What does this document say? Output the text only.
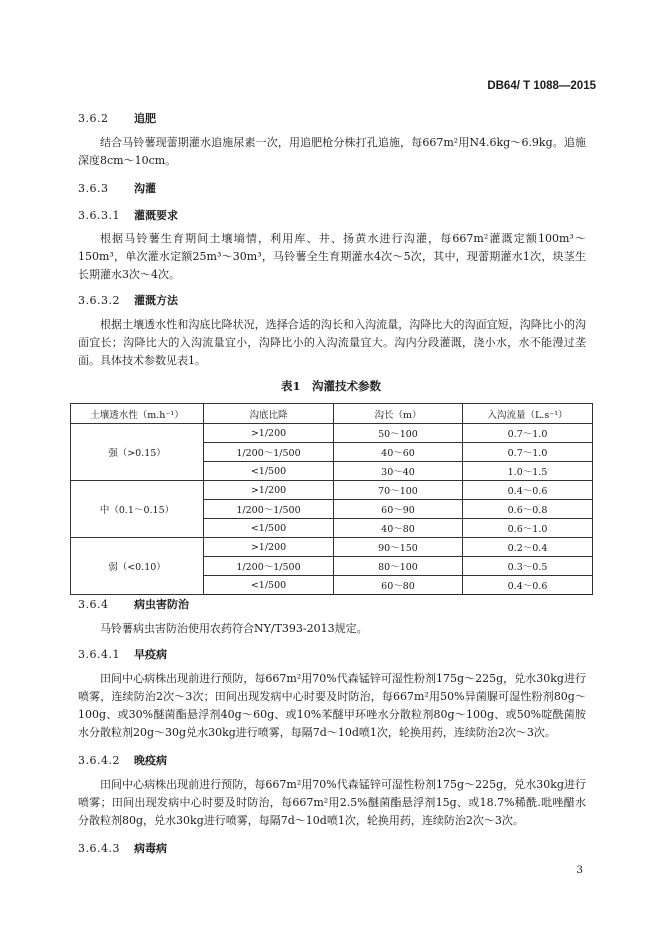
DB64/ T 1088—2015
3.6.2 追肥
结合马铃薯现蕾期灌水追施尿素一次，用追肥枪分株打孔追施，每667m²用N4.6kg～6.9kg。追施深度8cm～10cm。
3.6.3 沟灌
3.6.3.1 灌溉要求
根据马铃薯生育期间土壤墒情，利用库、井、扬黄水进行沟灌，每667m²灌溉定额100m³～150m³，单次灌水定额25m³～30m³，马铃薯全生育期灌水4次～5次，其中，现蕾期灌水1次，块茎生长期灌水3次～4次。
3.6.3.2 灌溉方法
根据土壤透水性和沟底比降状况，选择合适的沟长和入沟流量，沟降比大的沟面宜短，沟降比小的沟面宜长；沟降比大的入沟流量宜小，沟降比小的入沟流量宜大。沟内分段灌溉，浇小水，水不能漫过垄面。具体技术参数见表1。
表1　沟灌技术参数
土壤透水性（m.h⁻¹）	沟底比降	沟长（m）	入沟流量（L.s⁻¹）
强（>0.15）	>1/200	50～100	0.7～1.0
	1/200～1/500	40～60	0.7～1.0
	<1/500	30～40	1.0～1.5
中（0.1～0.15）	>1/200	70～100	0.4～0.6
	1/200～1/500	60～90	0.6～0.8
	<1/500	40～80	0.6～1.0
弱（<0.10）	>1/200	90～150	0.2～0.4
	1/200～1/500	80～100	0.3～0.5
	<1/500	60～80	0.4～0.6
3.6.4 病虫害防治
马铃薯病虫害防治使用农药符合NY/T393-2013规定。
3.6.4.1 早疫病
田间中心病株出现前进行预防，每667m²用70%代森锰锌可湿性粉剂175g～225g，兑水30kg进行喷雾，连续防治2次～3次；田间出现发病中心时要及时防治，每667m²用50%异菌脲可湿性粉剂80g～100g、或30%醚菌酯悬浮剂40g～60g、或10%苯醚甲环唑水分散粒剂80g～100g、或50%啶酰菌胺水分散粒剂20g～30g兑水30kg进行喷雾，每隔7d～10d喷1次，轮换用药，连续防治2次～3次。
3.6.4.2 晚疫病
田间中心病株出现前进行预防，每667m²用70%代森锰锌可湿性粉剂175g～225g，兑水30kg进行喷雾；田间出现发病中心时要及时防治，每667m²用2.5%醚菌酯悬浮剂15g、或18.7%稀酰.吡唑醋水分散粒剂80g，兑水30kg进行喷雾，每隔7d～10d喷1次，轮换用药，连续防治2次～3次。
3.6.4.3 病毒病
3
